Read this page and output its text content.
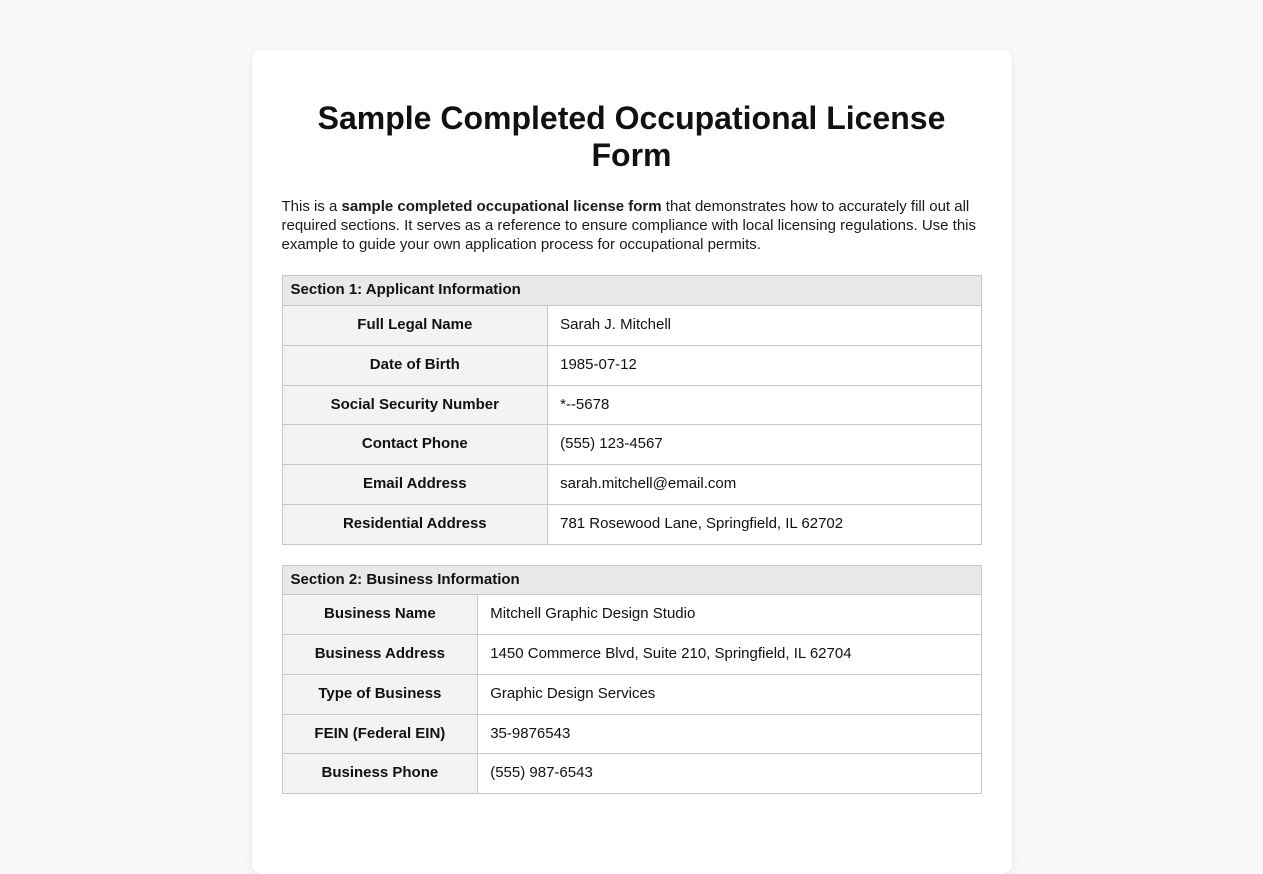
Sample Completed Occupational License Form

This is a sample completed occupational license form that demonstrates how to accurately fill out all required sections. It serves as a reference to ensure compliance with local licensing regulations. Use this example to guide your own application process for occupational permits.

Section 1: Applicant Information	
Full Legal Name	Sarah J. Mitchell
Date of Birth	1985-07-12
Social Security Number	*--5678
Contact Phone	(555) 123-4567
Email Address	sarah.mitchell@email.com
Residential Address	781 Rosewood Lane, Springfield, IL 62702
Section 2: Business Information	
Business Name	Mitchell Graphic Design Studio
Business Address	1450 Commerce Blvd, Suite 210, Springfield, IL 62704
Type of Business	Graphic Design Services
FEIN (Federal EIN)	35-9876543
Business Phone	(555) 987-6543
